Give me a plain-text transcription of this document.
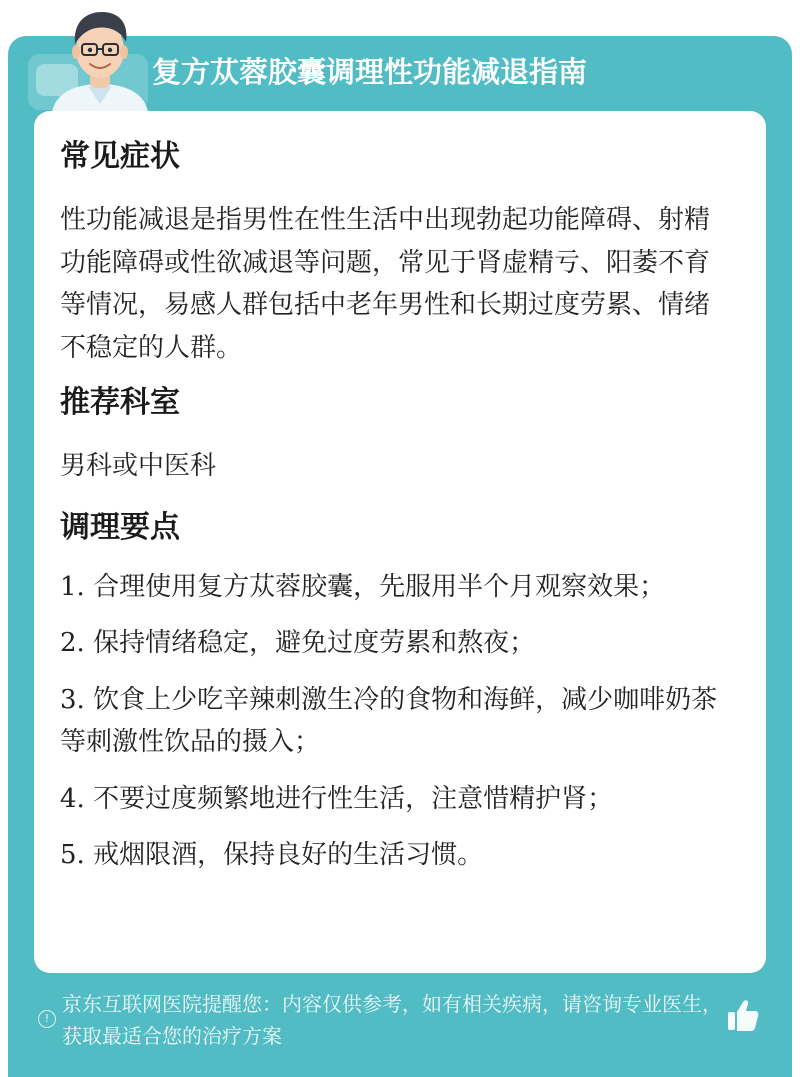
复方苁蓉胶囊调理性功能减退指南
常见症状

性功能减退是指男性在性生活中出现勃起功能障碍、射精功能障碍或性欲减退等问题，常见于肾虚精亏、阳萎不育等情况，易感人群包括中老年男性和长期过度劳累、情绪不稳定的人群。

推荐科室

男科或中医科

调理要点
1. 合理使用复方苁蓉胶囊，先服用半个月观察效果；
2. 保持情绪稳定，避免过度劳累和熬夜；
3. 饮食上少吃辛辣刺激生冷的食物和海鲜，减少咖啡奶茶等刺激性饮品的摄入；
4. 不要过度频繁地进行性生活，注意惜精护肾；
5. 戒烟限酒，保持良好的生活习惯。
!
京东互联网医院提醒您：内容仅供参考，如有相关疾病，请咨询专业医生，获取最适合您的治疗方案
